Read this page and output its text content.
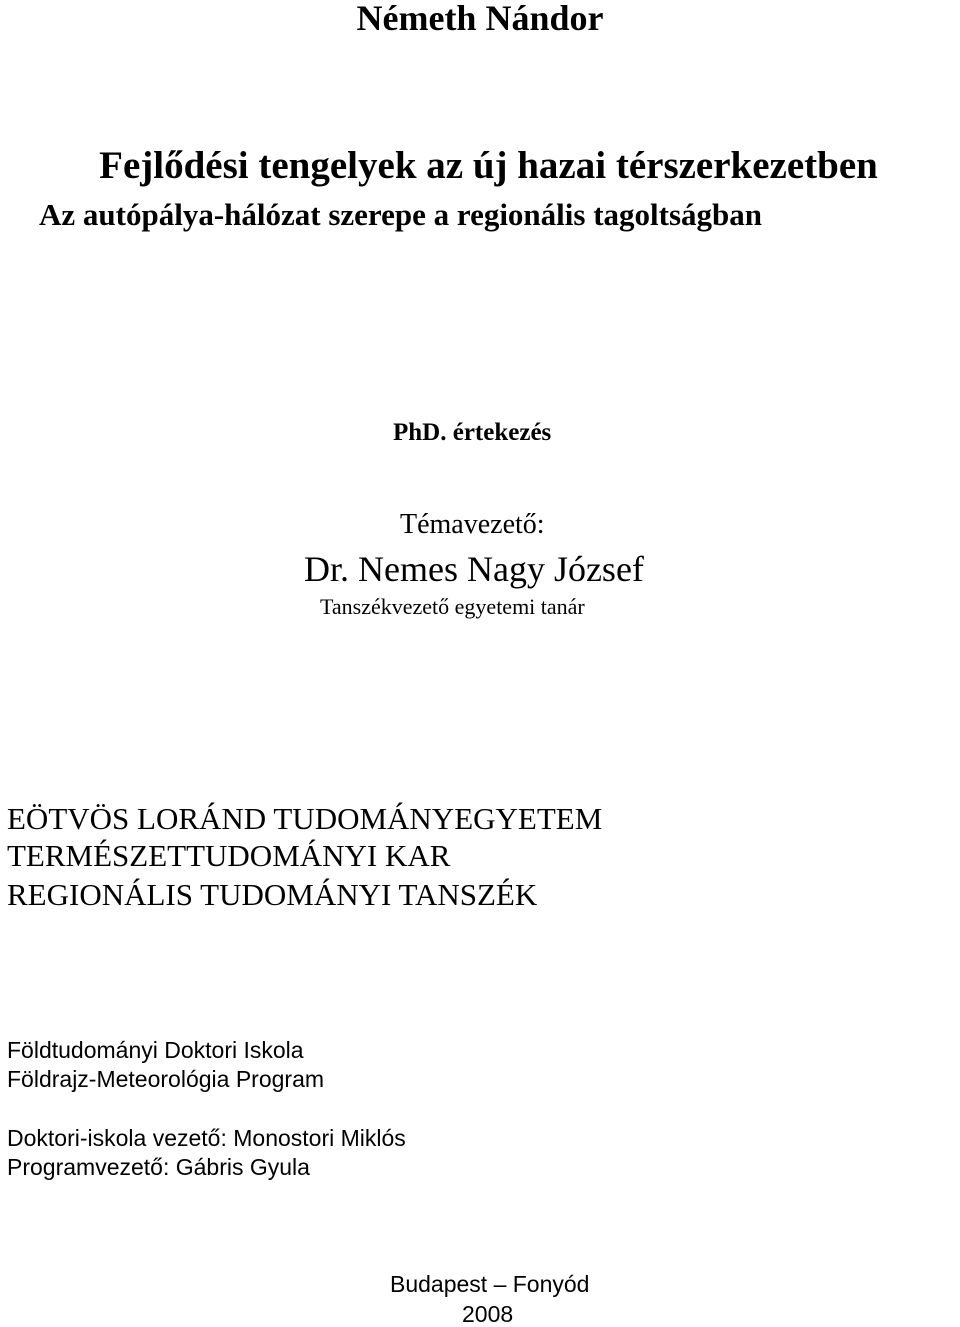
Németh Nándor
Fejlődési tengelyek az új hazai térszerkezetben
Az autópálya-hálózat szerepe a regionális tagoltságban
PhD. értekezés
Témavezető:
Dr. Nemes Nagy József
Tanszékvezető egyetemi tanár
EÖTVÖS LORÁND TUDOMÁNYEGYETEM
TERMÉSZETTUDOMÁNYI KAR
REGIONÁLIS TUDOMÁNYI TANSZÉK
Földtudományi Doktori Iskola
Földrajz-Meteorológia Program
Doktori-iskola vezető: Monostori Miklós
Programvezető: Gábris Gyula
Budapest – Fonyód
2008
